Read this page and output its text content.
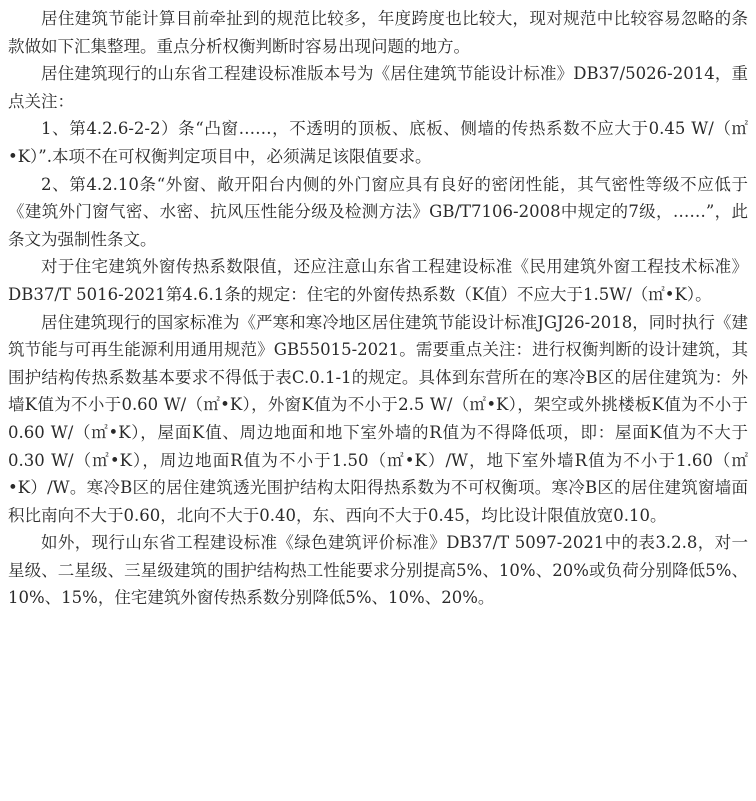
居住建筑节能计算目前牵扯到的规范比较多，年度跨度也比较大，现对规范中比较容易忽略的条款做如下汇集整理。重点分析权衡判断时容易出现问题的地方。

居住建筑现行的山东省工程建设标准版本号为《居住建筑节能设计标准》DB37/5026-2014，重点关注：

1、第4.2.6-2-2）条“凸窗……，不透明的顶板、底板、侧墙的传热系数不应大于0.45 W/（㎡•K）”.本项不在可权衡判定项目中，必须满足该限值要求。

2、第4.2.10条“外窗、敞开阳台内侧的外门窗应具有良好的密闭性能，其气密性等级不应低于《建筑外门窗气密、水密、抗风压性能分级及检测方法》GB/T7106-2008中规定的7级，……”，此条文为强制性条文。

对于住宅建筑外窗传热系数限值，还应注意山东省工程建设标准《民用建筑外窗工程技术标准》DB37/T 5016-2021第4.6.1条的规定：住宅的外窗传热系数（K值）不应大于1.5W/（㎡•K）。

居住建筑现行的国家标准为《严寒和寒冷地区居住建筑节能设计标准JGJ26-2018，同时执行《建筑节能与可再生能源利用通用规范》GB55015-2021。需要重点关注：进行权衡判断的设计建筑，其围护结构传热系数基本要求不得低于表C.0.1-1的规定。具体到东营所在的寒冷B区的居住建筑为：外墙K值为不小于0.60 W/（㎡•K），外窗K值为不小于2.5 W/（㎡•K），架空或外挑楼板K值为不小于0.60 W/（㎡•K），屋面K值、周边地面和地下室外墙的R值为不得降低项，即：屋面K值为不大于0.30 W/（㎡•K），周边地面R值为不小于1.50（㎡•K）/W，地下室外墙R值为不小于1.60（㎡•K）/W。寒冷B区的居住建筑透光围护结构太阳得热系数为不可权衡项。寒冷B区的居住建筑窗墙面积比南向不大于0.60，北向不大于0.40，东、西向不大于0.45，均比设计限值放宽0.10。

如外，现行山东省工程建设标准《绿色建筑评价标准》DB37/T 5097-2021中的表3.2.8，对一星级、二星级、三星级建筑的围护结构热工性能要求分别提高5%、10%、20%或负荷分别降低5%、10%、15%，住宅建筑外窗传热系数分别降低5%、10%、20%。
